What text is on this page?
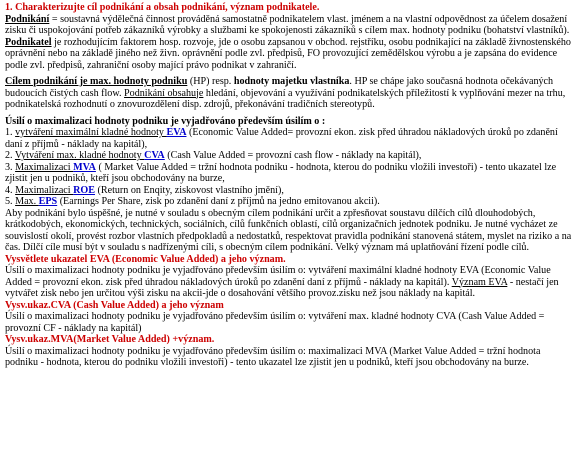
1. Charakterizujte cíl podnikání a obsah podnikání, význam podnikatele.

Podnikání = soustavná výdělečná činnost prováděná samostatně podnikatelem vlast. jménem a na vlastní odpovědnost za účelem dosažení zisku či uspokojování potřeb zákazníků výrobky a službami ke spokojenosti zákazníků s cílem max. hodnoty podniku (bohatství vlastníků).

Podnikatel je rozhodujícím faktorem hosp. rozvoje, jde o osobu zapsanou v obchod. rejstříku, osobu podnikající na základě živnostenského oprávnění nebo na základě jiného než živn. oprávnění podle zvl. předpisů, FO provozující zemědělskou výrobu a je zapsána do evidence podle zvl. předpisů, zahraniční osoby mající právo podnikat v zahraničí.

Cílem podnikání je max. hodnoty podniku (HP) resp. hodnoty majetku vlastníka. HP se chápe jako současná hodnota očekávaných budoucích čistých cash flow. Podnikání obsahuje hledání, objevování a využívání podnikatelských příležitostí k vyplňování mezer na trhu, podnikatelská rozhodnutí o znovurozdělení disp. zdrojů, překonávání tradičních stereotypů.

Úsilí o maximalizaci hodnoty podniku je vyjadřováno především úsilím o :

1. vytváření maximální kladné hodnoty EVA (Economic Value Added= provozní ekon. zisk před úhradou nákladových úroků po zdanění daní z příjmů - náklady na kapitál),

2. Vytváření max. kladné hodnoty CVA (Cash Value Added = provozní cash flow - náklady na kapitál),

3. Maximalizaci MVA ( Market Value Added = tržní hodnota podniku - hodnota, kterou do podniku vložili investoři) - tento ukazatel lze zjistit jen u podniků, kteří jsou obchodovány na burze,

4. Maximalizaci ROE (Return on Enqity, ziskovost vlastního jmění),

5. Max. EPS (Earnings Per Share, zisk po zdanění daní z příjmů na jedno emitovanou akcii).

Aby podnikání bylo úspěšné, je nutné v souladu s obecným cílem podnikání určit a zpřesňovat soustavu dílčích cílů dlouhodobých, krátkodobých, ekonomických, technických, sociálních, cílů funkčních oblastí, cílů organizačních jednotek podniku. Je nutné vycházet ze souvislostí okolí, provést rozbor vlastních předpokladů a nedostatků, respektovat pravidla podnikání stanovená státem, myslet na riziko a na čas. Dílčí cíle musí být v souladu s nadřízenými cíli, s obecným cílem podnikání. Velký význam má uplatňování řízení podle cílů.

Vysvětlete ukazatel EVA (Economic Value Added) a jeho význam.

Úsilí o maximalizaci hodnoty podniku je vyjadřováno především úsilím o: vytváření maximální kladné hodnoty EVA (Economic Value Added = provozní ekon. zisk před úhradou nákladových úroků po zdanění daní z příjmů - náklady na kapitál). Význam EVA - nestačí jen vytvářet zisk nebo jen určitou výši zisku na akcii-jde o dosahování většího provoz.zisku než jsou náklady na kapitál.

Vysv.ukaz.CVA (Cash Value Added) a jeho význam

Úsilí o maximalizaci hodnoty podniku je vyjadřováno především úsilím o: vytváření max. kladné hodnoty CVA (Cash Value Added = provozní CF - náklady na kapitál)

Vysv.ukaz.MVA(Market Value Added) +význam.

Úsilí o maximalizaci hodnoty podniku je vyjadřováno především úsilím o: maximalizaci MVA (Market Value Added = tržní hodnota podniku - hodnota, kterou do podniku vložili investoři) - tento ukazatel lze zjistit jen u podniků, kteří jsou obchodovány na burze.
